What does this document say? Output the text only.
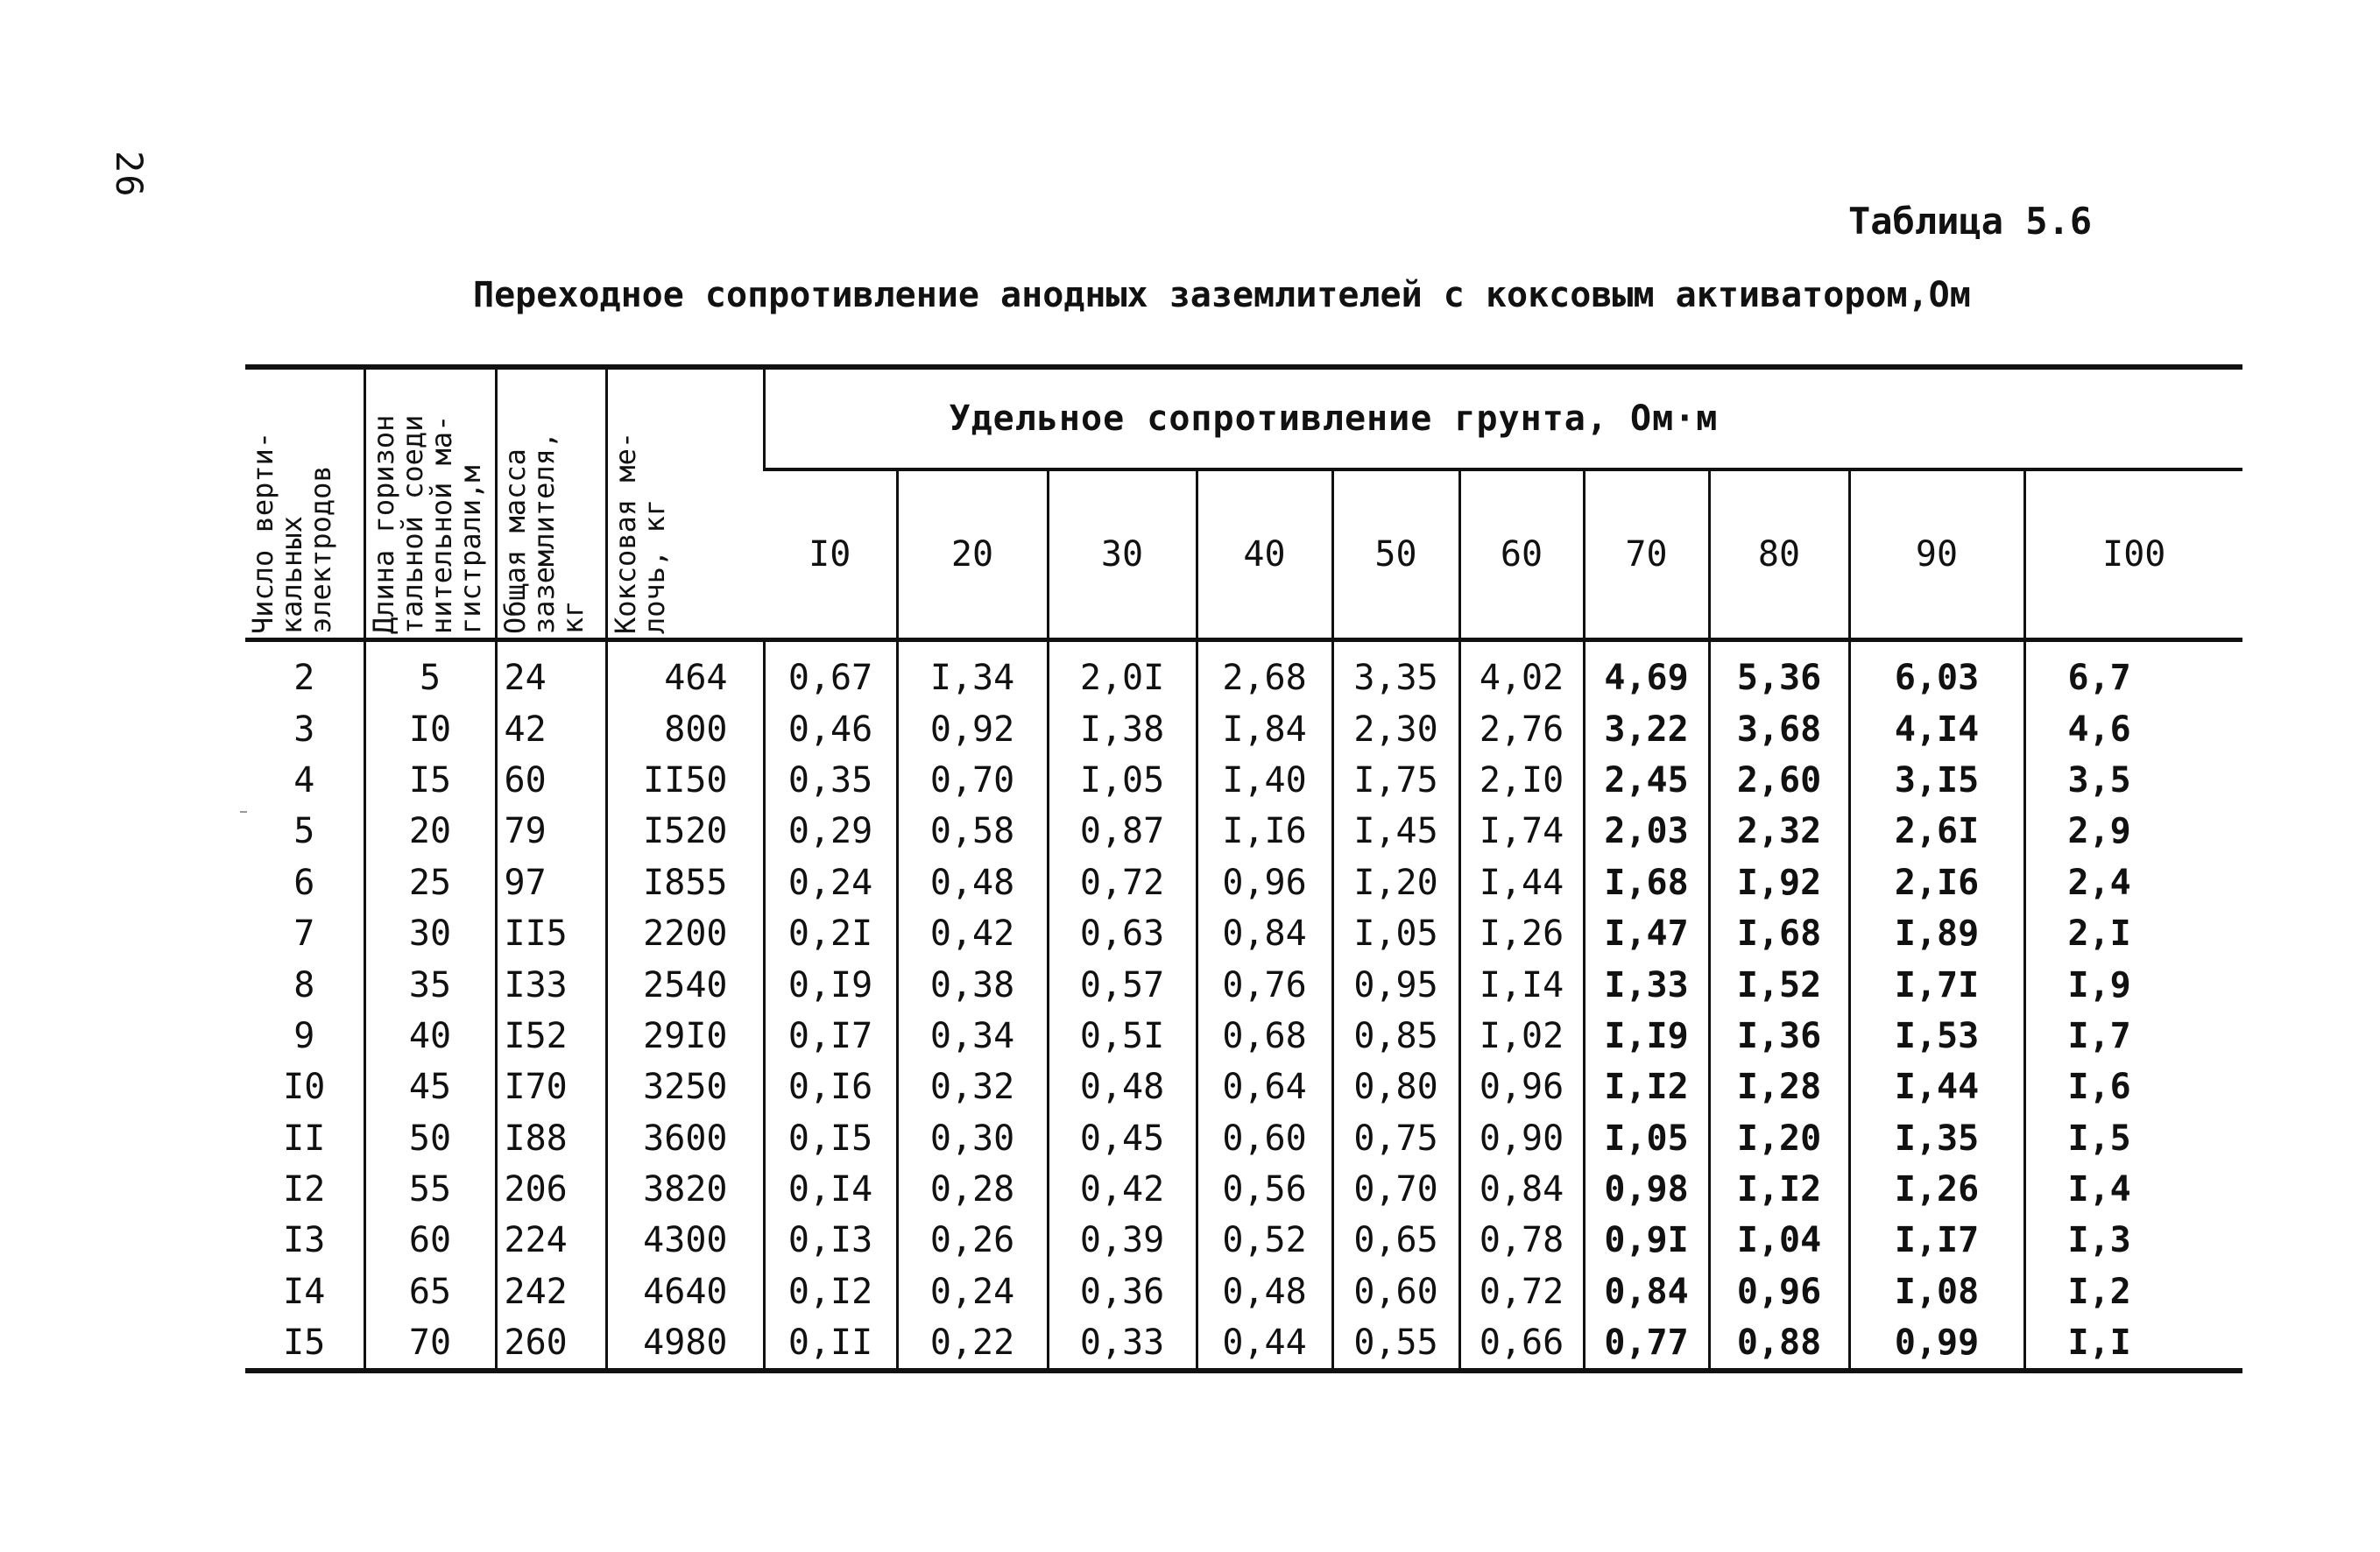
26
Таблица 5.6
Переходное сопротивление анодных заземлителей с коксовым активатором,Ом
Число верти-
кальных
электродов	Длина горизон
тальной соеди
нительной ма-
гистрали,м	Общая масса
заземлителя,
кг	Коксовая ме-
лочь, кг	Удельное сопротивление грунта, Ом·м									
				I0	20	30	40	50	60	70	80	90	I00
2	5	24	464	0,67	I,34	2,0I	2,68	3,35	4,02	4,69	5,36	6,03	6,7
3	I0	42	800	0,46	0,92	I,38	I,84	2,30	2,76	3,22	3,68	4,I4	4,6
4	I5	60	II50	0,35	0,70	I,05	I,40	I,75	2,I0	2,45	2,60	3,I5	3,5
5	20	79	I520	0,29	0,58	0,87	I,I6	I,45	I,74	2,03	2,32	2,6I	2,9
6	25	97	I855	0,24	0,48	0,72	0,96	I,20	I,44	I,68	I,92	2,I6	2,4
7	30	II5	2200	0,2I	0,42	0,63	0,84	I,05	I,26	I,47	I,68	I,89	2,I
8	35	I33	2540	0,I9	0,38	0,57	0,76	0,95	I,I4	I,33	I,52	I,7I	I,9
9	40	I52	29I0	0,I7	0,34	0,5I	0,68	0,85	I,02	I,I9	I,36	I,53	I,7
I0	45	I70	3250	0,I6	0,32	0,48	0,64	0,80	0,96	I,I2	I,28	I,44	I,6
II	50	I88	3600	0,I5	0,30	0,45	0,60	0,75	0,90	I,05	I,20	I,35	I,5
I2	55	206	3820	0,I4	0,28	0,42	0,56	0,70	0,84	0,98	I,I2	I,26	I,4
I3	60	224	4300	0,I3	0,26	0,39	0,52	0,65	0,78	0,9I	I,04	I,I7	I,3
I4	65	242	4640	0,I2	0,24	0,36	0,48	0,60	0,72	0,84	0,96	I,08	I,2
I5	70	260	4980	0,II	0,22	0,33	0,44	0,55	0,66	0,77	0,88	0,99	I,I
